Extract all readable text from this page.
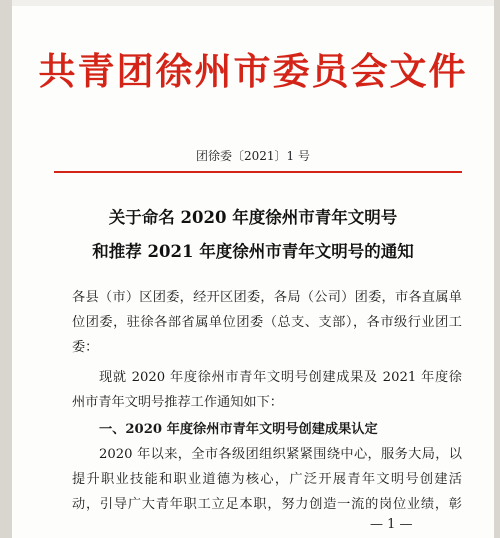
共青团徐州市委员会文件
团徐委〔2021〕1 号
关于命名 2020 年度徐州市青年文明号
和推荐 2021 年度徐州市青年文明号的通知
各县（市）区团委，经开区团委，各局（公司）团委，市各直属单
位团委，驻徐各部省属单位团委（总支、支部），各市级行业团工
委：
现就 2020 年度徐州市青年文明号创建成果及 2021 年度徐
州市青年文明号推荐工作通知如下：
一、2020 年度徐州市青年文明号创建成果认定
2020 年以来，全市各级团组织紧紧围绕中心，服务大局，以
提升职业技能和职业道德为核心，广泛开展青年文明号创建活
动，引导广大青年职工立足本职，努力创造一流的岗位业绩，彰
— 1 —
